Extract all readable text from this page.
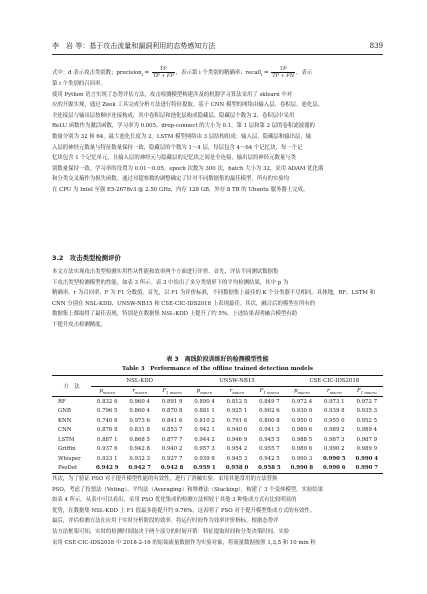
李　岩 等：基于攻击流量和漏洞利用的态势感知方法	839
式中：d 表示攻击类别数；precision$_i$ = $\frac{TP}{TP + FP}$ ，表示第 i 个类别的精确率；recall$_i$ = $\frac{TP}{TP + FN}$ ，表示
第 i 个类别的召回率。
使用 Python 语言实现了态势评估方法，攻击检测模型构建涉及的机器学习算法采用了 sklearn 中对
应的开源实现，通过 Zeek 工具完成分析方法进行特征提取。基于 CNN 模型的网络由输入层、卷积层、池化层、
全连接层与输出层按顺序连接构成，其中卷积层和池化层构成隐藏层，隐藏层个数为 2，卷积层中采用
ReLU 函数作为激活函数，学习率为 0.005，drop-connect 的大小为 0.1，第 1 层和第 2 层的卷积滤波器的
数量分别为 32 和 64，最大池化长度为 2。LSTM 模型网络由 3 层结构组成：输入层、隐藏层和输出层，输
入层的神经元数量与特征数量保持一致，隐藏层的个数为 1～4 层，每层包含 4～64 个记忆块，每一个记
忆块包含 1 个记忆单元，且输入层的神经元与隐藏层的记忆块之间是全连接，输出层的神经元数量与类
别数量保持一致。学习率的设置为 0.01～0.05，epoch 次数为 300 次，batch 大小为 32，采用 ADAM 优化器
和分类交叉熵作为损失函数。通过对超参数的调整确定了针对不同数据集的最佳模型。所有的实验均
在 CPU 为 Intel 至强 E5-2678v3 @ 2.50 GHz，内存 128 GB，外存 8 TB 的 Ubuntu 服务器上完成。
3.2　攻击类型检测评价
本文方法实现攻击类型检测实用性从性能和效率两个方面进行评价。首先，评估不同测试数据集
下攻击类型检测模型的性能，如表 3 所示。表 3 中给出了多分类情形下的平均检测结果，其中 p 为
精确率，r 为召回率，F 为 F1 分数值。首先，以 F1 为评价标准，不同数据集上最佳的 K 个分类器不尽相同。具体地，RF、LSTM 和
CNN 分别在 NSL-KDD、UNSW-NB15 和 CSE-CIC-IDS2018 上表现最佳。其次，融合后的模型在所有的
数据集上都取得了最佳表现，特别是在数据集 NSL-KDD 上提升了约 5%。上述结果表明融合模型有助
于提升攻击检测精度。
表 3　离线阶段训练好的检测模型性能
Table 3　Performance of the offline trained detection models
方　法	NSL-KDD			UNSW-NB15			CSE-CIC-IDS2018		
	$p_{macro}$	$r_{macro}$	$F_{1 macro}$	$p_{macro}$	$r_{macro}$	$F_{1 macro}$	$p_{macro}$	$r_{macro}$	$F_{1 macro}$
RF	0.832 6	0.960 4	0.891 9	0.890 4	0.812 5	0.849 7	0.972 4	0.973 1	0.972 7
GNB	0.796 5	0.860 4	0.870 8	0.881 1	0.925 1	0.902 6	0.930 9	0.939 8	0.935 3
KNN	0.740 6	0.973 6	0.841 6	0.810 2	0.791 6	0.800 8	0.950 0	0.955 0	0.952 5
CNN	0.876 8	0.831 8	0.853 7	0.942 1	0.940 6	0.941 3	0.989 6	0.989 2	0.989 4
LSTM	0.887 1	0.868 5	0.877 7	0.944 2	0.946 9	0.945 5	0.988 5	0.987 3	0.987 9
Griffin	0.937 6	0.942 8	0.940 2	0.957 3	0.954 2	0.955 7	0.989 6	0.990 2	0.989 9
Whisper	0.923 1	0.932 3	0.927 7	0.939 8	0.945 3	0.942 5	0.990 3	0.990 5	0.990 4
PsoDet	0.942 9	0.942 7	0.942 8	0.959 1	0.958 0	0.958 5	0.990 8	0.990 6	0.990 7
其次，为了验证 PSO 对于提升模型性能的有效性，进行了消融实验。采用其他常用的方法替换
PSO，考虑了投票法（Voting）、平均法（Averaging）和堆叠法（Stacking），构建了 3 个变体模型，实验结果
如表 4 所示。从表中可以看出，采用 PSO 优化集成的检测方法相较于其他 3 种集成方式有比较明显的
优势，在数据集 NSL-KDD 上 F1 值最多能提升约 9.76%，这表明了 PSO 对于提升模型集成方式的有效性。
最后，评估检测方法在应用于实时分析阶段的效率。将运行时间作为效率评价指标，根据态势评
估方法框架可知，实时的检测时间取决于两个部分的时间开销：特征提取时间和分类决策时间。实验
采用 CSE-CIC-IDS2018 中 2018-2-16 的原始流量数据作为实验对象，将流量数据按照 1,3,5 和 10 min 粒
